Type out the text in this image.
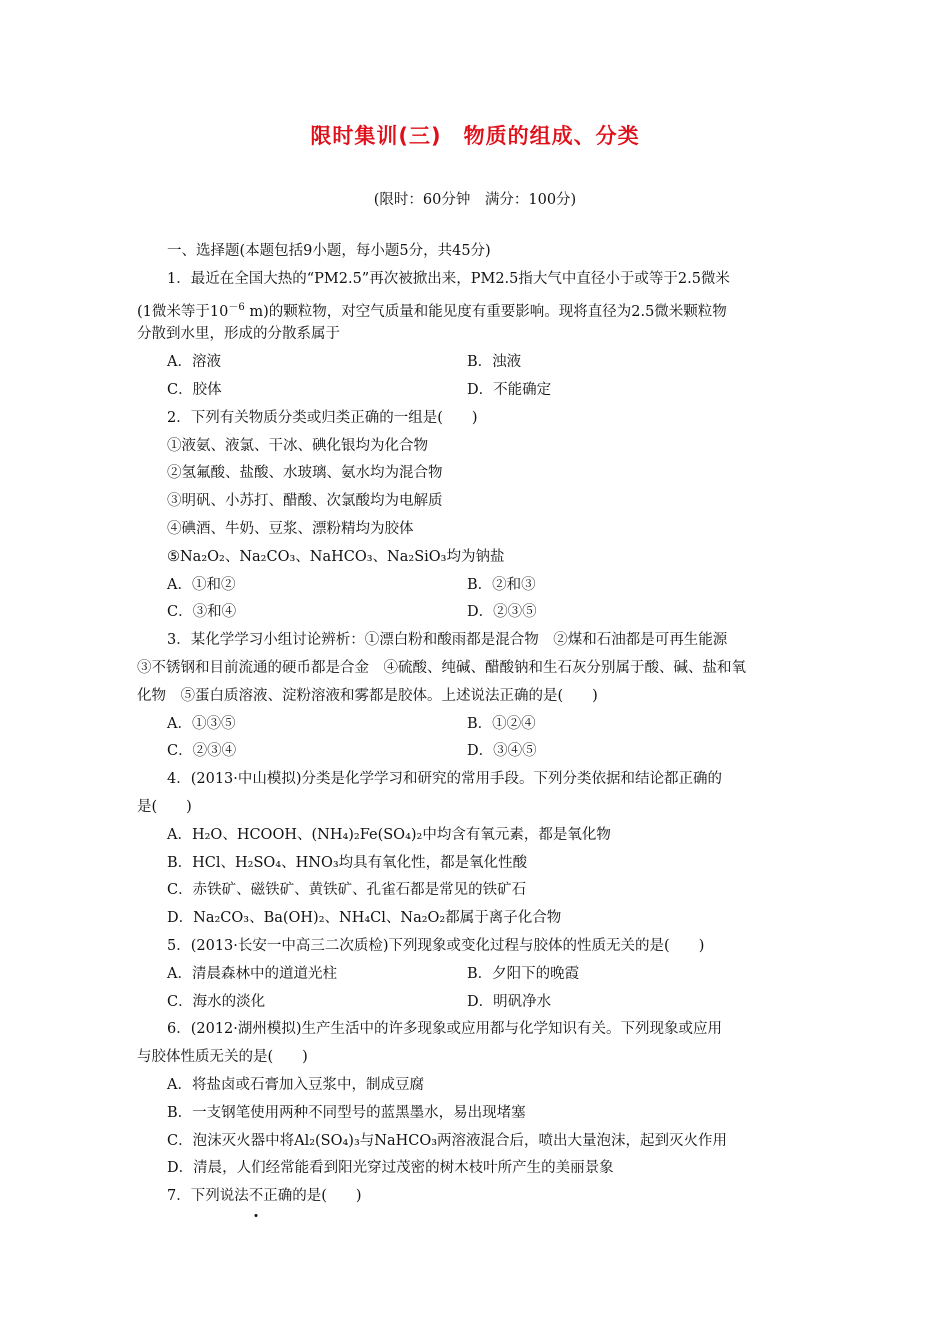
限时集训(三)　物质的组成、分类
(限时：60分钟　满分：100分)
一、选择题(本题包括9小题，每小题5分，共45分)
1．最近在全国大热的“PM2.5”再次被掀出来，PM2.5指大气中直径小于或等于2.5微米
(1微米等于$10^{-6}$ m)的颗粒物，对空气质量和能见度有重要影响。现将直径为2.5微米颗粒物
分散到水里，形成的分散系属于
A．溶液	B．浊液
C．胶体	D．不能确定
2．下列有关物质分类或归类正确的一组是(　　)
①液氨、液氯、干冰、碘化银均为化合物
②氢氟酸、盐酸、水玻璃、氨水均为混合物
③明矾、小苏打、醋酸、次氯酸均为电解质
④碘酒、牛奶、豆浆、漂粉精均为胶体
⑤Na₂O₂、Na₂CO₃、NaHCO₃、Na₂SiO₃均为钠盐
A．①和②	B．②和③
C．③和④	D．②③⑤
3．某化学学习小组讨论辨析：①漂白粉和酸雨都是混合物　②煤和石油都是可再生能源
③不锈钢和目前流通的硬币都是合金　④硫酸、纯碱、醋酸钠和生石灰分别属于酸、碱、盐和氧
化物　⑤蛋白质溶液、淀粉溶液和雾都是胶体。上述说法正确的是(　　)
A．①③⑤	B．①②④
C．②③④	D．③④⑤
4．(2013·中山模拟)分类是化学学习和研究的常用手段。下列分类依据和结论都正确的
是(　　)
A．H₂O、HCOOH、(NH₄)₂Fe(SO₄)₂中均含有氧元素，都是氧化物
B．HCl、H₂SO₄、HNO₃均具有氧化性，都是氧化性酸
C．赤铁矿、磁铁矿、黄铁矿、孔雀石都是常见的铁矿石
D．Na₂CO₃、Ba(OH)₂、NH₄Cl、Na₂O₂都属于离子化合物
5．(2013·长安一中高三二次质检)下列现象或变化过程与胶体的性质无关的是(　　)
A．清晨森林中的道道光柱	B．夕阳下的晚霞
C．海水的淡化	D．明矾净水
6．(2012·湖州模拟)生产生活中的许多现象或应用都与化学知识有关。下列现象或应用
与胶体性质无关的是(　　)
A．将盐卤或石膏加入豆浆中，制成豆腐
B．一支钢笔使用两种不同型号的蓝黑墨水，易出现堵塞
C．泡沫灭火器中将Al₂(SO₄)₃与NaHCO₃两溶液混合后，喷出大量泡沫，起到灭火作用
D．清晨，人们经常能看到阳光穿过茂密的树木枝叶所产生的美丽景象
7．下列说法不正确的是(　　)
